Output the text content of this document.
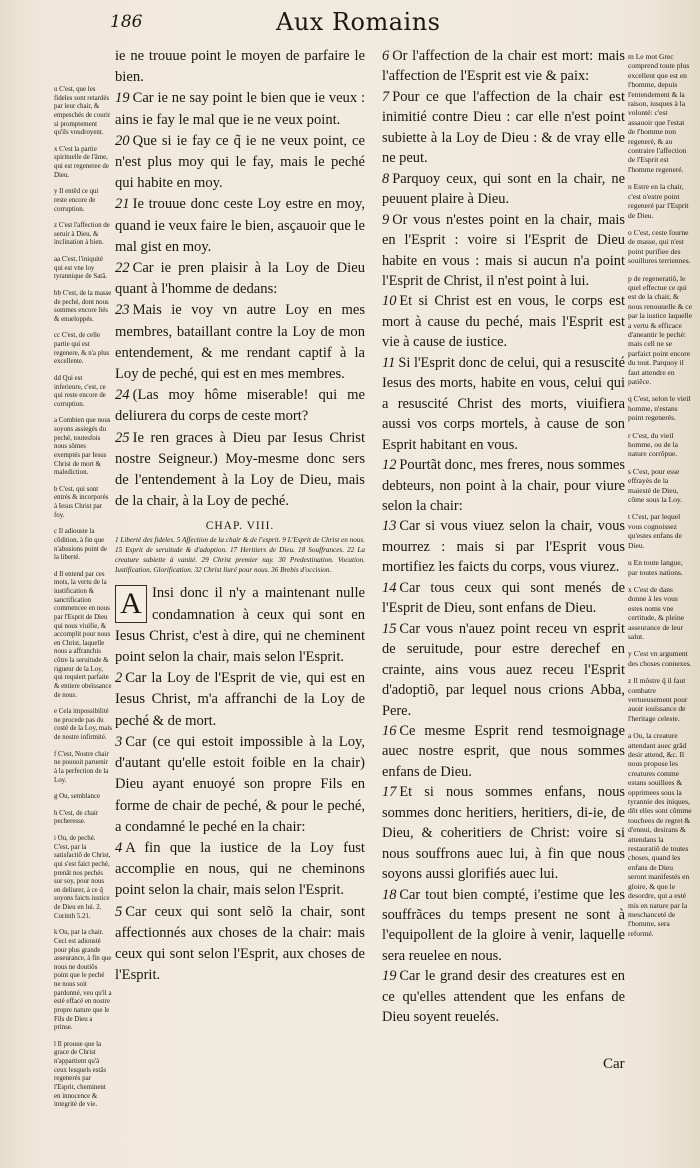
186	Aux Romains
u C'est, que les fideles sont retardés par leur chair, & empeschés de courir si promptement qu'ils voudroyent.
x C'est la partie spirituelle de l'âme, qui est regeneree de Dieu.
y Il entêd ce qui reste encore de corruption.
z C'est l'affection de seruir à Dieu, & inclination à bien.
aa C'est, l'iniquité qui est vne loy tyrannique de Satã.
bb C'est, de la masse de peché, dont nous sommes encore liés & enueloppés.
cc C'est, de celle partie qui est regenere, & n'a plus excellente.
dd Qui est inferieure, c'est, ce qui reste encore de corruption.
a Combien que nous soyons assiegés du peché, toutesfois nous sõmes exemptés par Iesus Christ de mort & malediction.
b C'est, qui sont entrés & incorporés à Iesus Christ par foy.
c Il adiouste la côdition, à fin que n'abusions point de la liberté.
d Il entend par ces mots, la vertu de la iustification & sanctification commencee en nous par l'Esprit de Dieu qui nous viuifie, & accomplit pour nous en Christ, laquelle nous a affranchis côtre la seruitude & rigueur de la Loy, qui requiert parfaite & entiere obeïssance de nous.
e Cela impossibilité ne procede pas du costé de la Loy, mais de nostre infirmité.
f C'est, Nostre chair ne pouuoit paruenir à la perfection de la Loy.
g Ou, semblance
h C'est, de chair pecheresse.
i Ou, de peché. C'est, par la satisfactiõ de Christ, qui s'est faict peché, prenât nos pechés sur soy, pour nous en deliurer, à ce q̃ soyons faicts iustice de Dieu en lui. 2. Corinth 5.21.
k Ou, par la chair. Ceci est adiousté pour plus grande asseurance, à fin que nous ne doutiôs point que le peché ne nous soit pardonné, veu qu'il a esté effacé en nostre propre nature que le Fils de Dieu a prinse.
l Il prouue que la grace de Christ n'appartient qu'à ceux lesquels estãs regenerés par l'Esprit, cheminent en innocence & integrité de vie.

ie ne trouue point le moyen de parfaire le bien.

19 Car ie ne say point le bien que ie veux : ains ie fay le mal que ie ne veux point.

20 Que si ie fay ce q̃ ie ne veux point, ce n'est plus moy qui le fay, mais le peché qui habite en moy.

21 Ie trouue donc ceste Loy estre en moy, quand ie veux faire le bien, asçauoir que le mal gist en moy.

22 Car ie pren plaisir à la Loy de Dieu quant à l'homme de dedans:

23 Mais ie voy vn autre Loy en mes membres, bataillant contre la Loy de mon entendement, & me rendant captif à la Loy de peché, qui est en mes membres.

24 (Las moy hôme miserable! qui me deliurera du corps de ceste mort?

25 Ie ren graces à Dieu par Iesus Christ nostre Seigneur.) Moy-mesme donc sers de l'entendement à la Loy de Dieu, mais de la chair, à la Loy de peché.

CHAP. VIII.

1 Liberté des fideles. 5 Affection de la chair & de l'esprit. 9 L'Esprit de Christ en nous. 15 Esprit de seruitude & d'adoption. 17 Heritiers de Dieu. 18 Souffrances. 22 La creature subiette à vanité. 29 Christ premier nay. 30 Predestination. Vocation. Iustification, Glorification. 32 Christ liuré pour nous. 36 Brebis d'occision.

A Insi donc il n'y a maintenant nulle condamnation à ceux qui sont en Iesus Christ, c'est à dire, qui ne cheminent point selon la chair, mais selon l'Esprit.

2 Car la Loy de l'Esprit de vie, qui est en Iesus Christ, m'a affranchi de la Loy de peché & de mort.

3 Car (ce qui estoit impossible à la Loy, d'autant qu'elle estoit foible en la chair) Dieu ayant enuoyé son propre Fils en forme de chair de peché, & pour le peché, a condamné le peché en la chair:

4 A fin que la iustice de la Loy fust accomplie en nous, qui ne cheminons point selon la chair, mais selon l'Esprit.

5 Car ceux qui sont selõ la chair, sont affectionnés aux choses de la chair: mais ceux qui sont selon l'Esprit, aux choses de l'Esprit.

6 Or l'affection de la chair est mort: mais l'affection de l'Esprit est vie & paix:

7 Pour ce que l'affection de la chair est inimitié contre Dieu : car elle n'est point subiette à la Loy de Dieu : & de vray elle ne peut.

8 Parquoy ceux, qui sont en la chair, ne peuuent plaire à Dieu.

9 Or vous n'estes point en la chair, mais en l'Esprit : voire si l'Esprit de Dieu habite en vous : mais si aucun n'a point l'Esprit de Christ, il n'est point à lui.

10 Et si Christ est en vous, le corps est mort à cause du peché, mais l'Esprit est vie à cause de iustice.

11 Si l'Esprit donc de celui, qui a resuscité Iesus des morts, habite en vous, celui qui a resuscité Christ des morts, viuifiera aussi vos corps mortels, à cause de son Esprit habitant en vous.

12 Pourtãt donc, mes freres, nous sommes debteurs, non point à la chair, pour viure selon la chair:

13 Car si vous viuez selon la chair, vous mourrez : mais si par l'Esprit vous mortifiez les faicts du corps, vous viurez.

14 Car tous ceux qui sont menés de l'Esprit de Dieu, sont enfans de Dieu.

15 Car vous n'auez point receu vn esprit de seruitude, pour estre derechef en crainte, ains vous auez receu l'Esprit d'adoptiõ, par lequel nous crions Abba, Pere.

16 Ce mesme Esprit rend tesmoignage auec nostre esprit, que nous sommes enfans de Dieu.

17 Et si nous sommes enfans, nous sommes donc heritiers, heritiers, di-ie, de Dieu, & coheritiers de Christ: voire si nous souffrons auec lui, à fin que nous soyons aussi glorifiés auec lui.

18 Car tout bien compté, i'estime que les souffrãces du temps present ne sont à l'equipollent de la gloire à venir, laquelle sera reuelee en nous.

19 Car le grand desir des creatures est en ce qu'elles attendent que les enfans de Dieu soyent reuelés.

m Le mot Grec comprend toute plus excellent que est en l'homme, depuis l'entendement & la raison, iusques à la volonté: c'est assauoir que l'estat de l'homme non regeneré, & au contraire l'affection de l'Esprit est l'homme regeneré.
n Estre en la chair, c'est n'estre point regeneré par l'Esprit de Dieu.
o C'est, ceste fourne de masse, qui n'est point purifiee des souillures terriennes.
p de regeneratiô, le quel effectue ce qui est de la chair, & nous renouuelle & ce par la iustice laquelle a vertu & efficace d'aneantir le peché: mais cell ne se parfaict point encore du tout. Parquoy il faut attendre en patiẽce.
q C'est, selon le vieil homme, n'estans point regenerés.
r C'est, du vieil homme, ou de la nature corrôpue.
s C'est, pour esse effrayés de la maiesté de Dieu, cõme sous la Loy.
t C'est, par lequel vous cognoissez qu'estes enfans de Dieu.
u En toute langue, par toutes nations.
x C'est de dans donne à les vous estes noms vne certitude, & pleine asseurance de leur salut.
y C'est vn argument des choses connexes.
z Il môstre q̃ il faut combatre vertueusement pour auoir iouïssance de l'heritage celeste.
a Ou, la creature attendant auec grãd desir attend, &c. Il nous propose les creatures comme estans souillees & opprimees sous la tyrannie des iniques, dõt elles sont cômme touchees de regret & d'ennui, desirans & attendans la restauratiô de toutes choses, quand les enfans de Dieu seront manifestés en gloire, & que le desordre, qui a esté mis en nature par la meschanceté de l'homme, sera reformé.
Car
